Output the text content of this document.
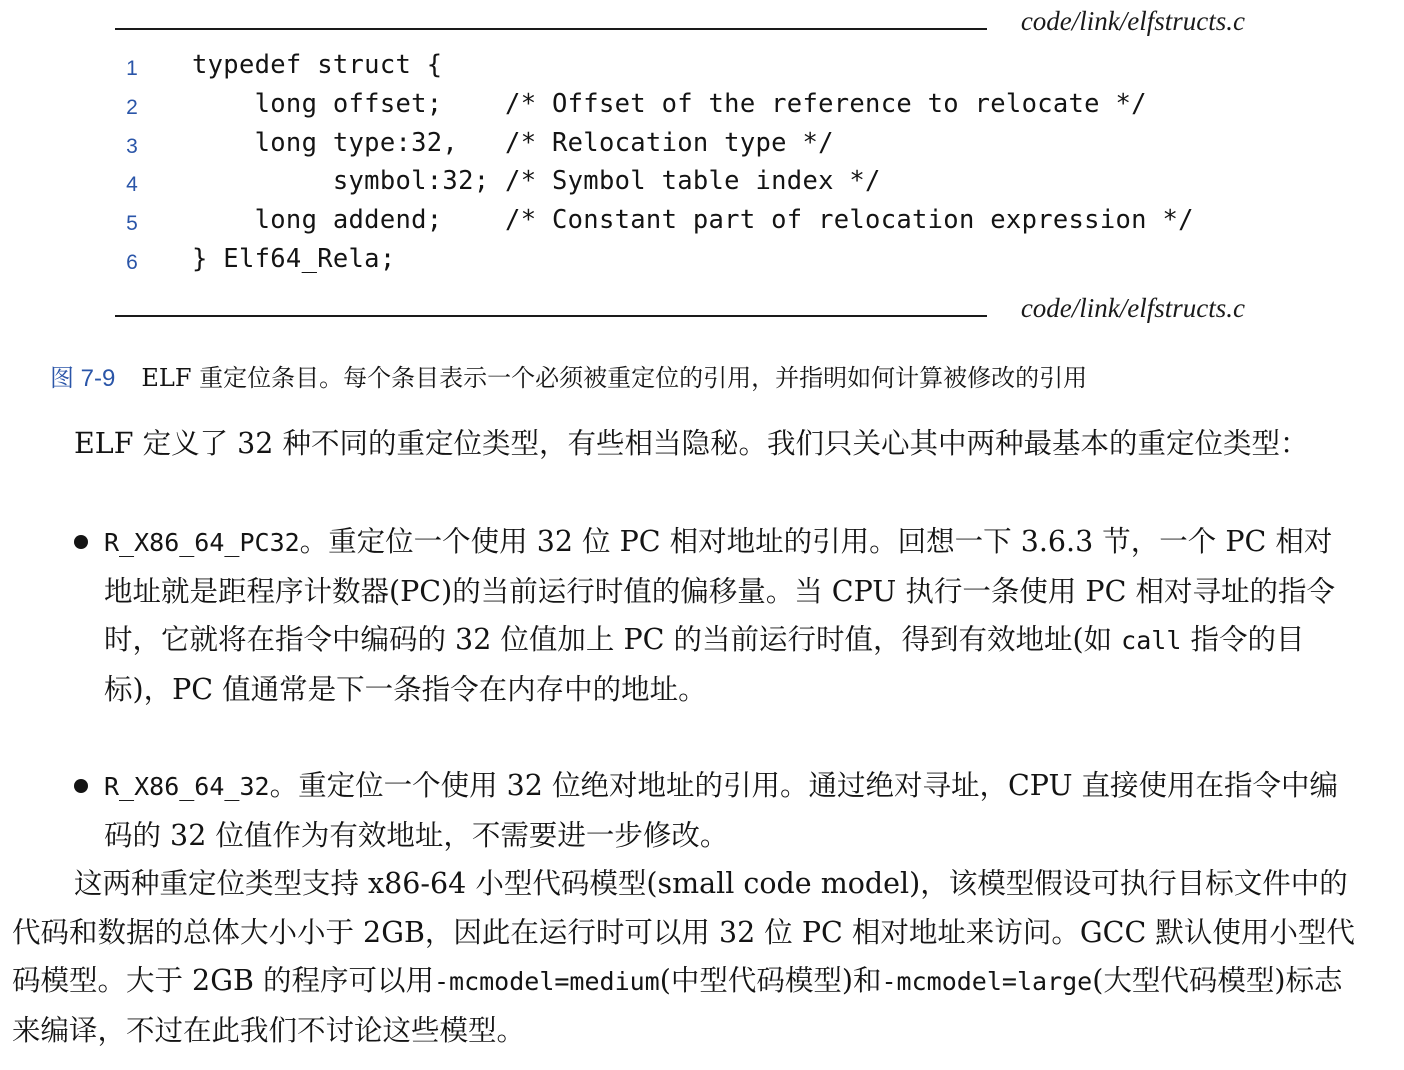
code/link/elfstructs.c

1

typedef struct {

2

long offset;    /* Offset of the reference to relocate */

3

long type:32,   /* Relocation type */

4

symbol:32; /* Symbol table index */

5

long addend;    /* Constant part of relocation expression */

6

} Elf64_Rela;

code/link/elfstructs.c
图 7-9 ELF 重定位条目。每个条目表示一个必须被重定位的引用，并指明如何计算被修改的引用
ELF 定义了 32 种不同的重定位类型，有些相当隐秘。我们只关心其中两种最基本的重定位类型：
R_X86_64_PC32。重定位一个使用 32 位 PC 相对地址的引用。回想一下 3.6.3 节，一个 PC 相对地址就是距程序计数器(PC)的当前运行时值的偏移量。当 CPU 执行一条使用 PC 相对寻址的指令时，它就将在指令中编码的 32 位值加上 PC 的当前运行时值，得到有效地址(如 call 指令的目标)，PC 值通常是下一条指令在内存中的地址。
R_X86_64_32。重定位一个使用 32 位绝对地址的引用。通过绝对寻址，CPU 直接使用在指令中编码的 32 位值作为有效地址，不需要进一步修改。
这两种重定位类型支持 x86-64 小型代码模型(small code model)，该模型假设可执行目标文件中的代码和数据的总体大小小于 2GB，因此在运行时可以用 32 位 PC 相对地址来访问。GCC 默认使用小型代码模型。大于 2GB 的程序可以用-mcmodel=medium(中型代码模型)和-mcmodel=large(大型代码模型)标志来编译，不过在此我们不讨论这些模型。
